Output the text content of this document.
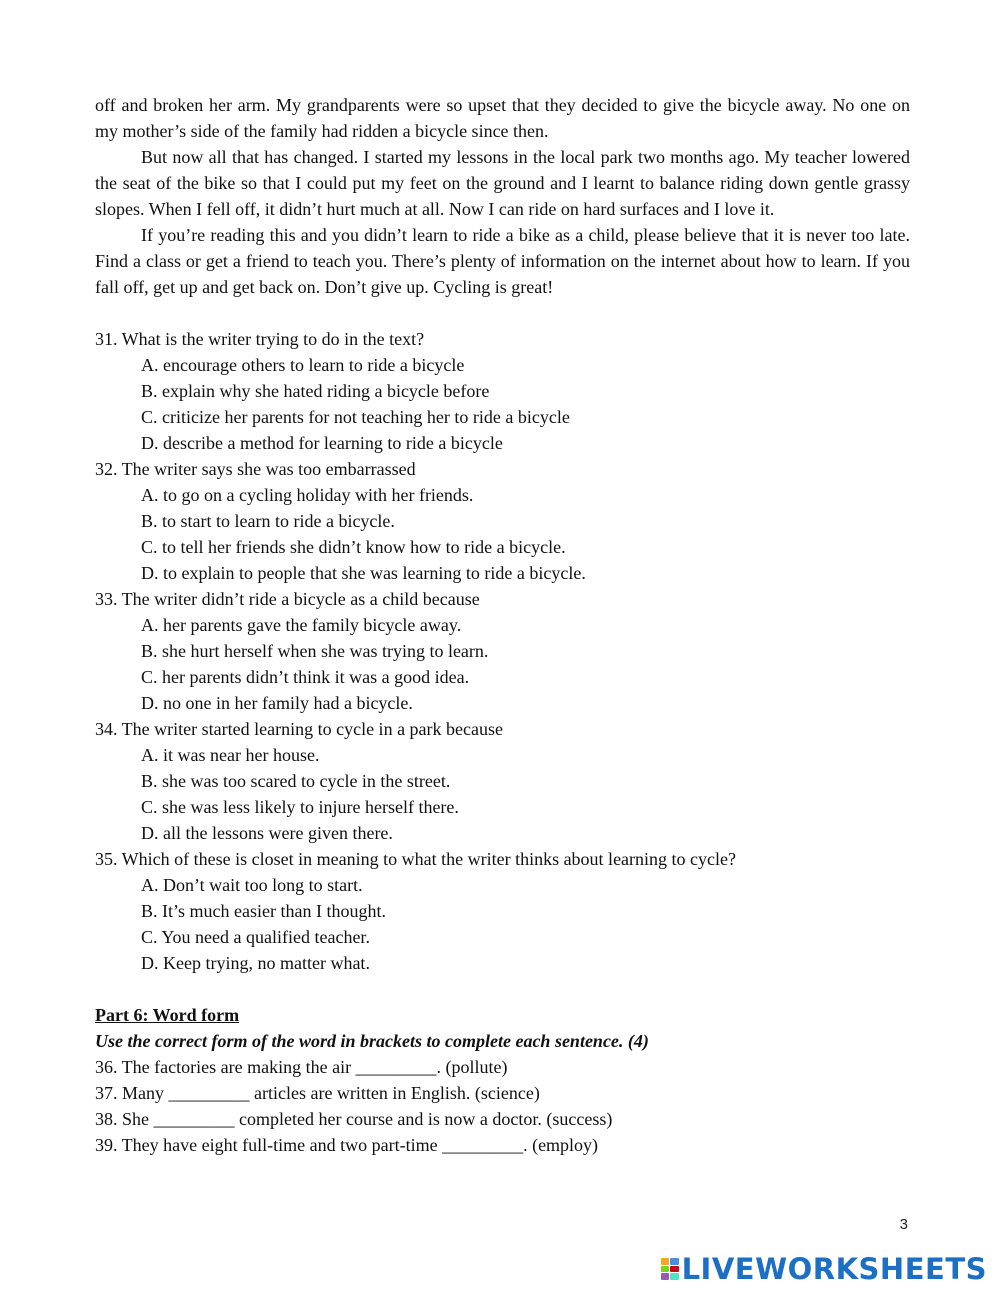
off and broken her arm. My grandparents were so upset that they decided to give the bicycle away. No one on my mother’s side of the family had ridden a bicycle since then.

But now all that has changed. I started my lessons in the local park two months ago. My teacher lowered the seat of the bike so that I could put my feet on the ground and I learnt to balance riding down gentle grassy slopes. When I fell off, it didn’t hurt much at all. Now I can ride on hard surfaces and I love it.

If you’re reading this and you didn’t learn to ride a bike as a child, please believe that it is never too late. Find a class or get a friend to teach you. There’s plenty of information on the internet about how to learn. If you fall off, get up and get back on. Don’t give up. Cycling is great!

31. What is the writer trying to do in the text?
A. encourage others to learn to ride a bicycle
B. explain why she hated riding a bicycle before
C. criticize her parents for not teaching her to ride a bicycle
D. describe a method for learning to ride a bicycle
32. The writer says she was too embarrassed
A. to go on a cycling holiday with her friends.
B. to start to learn to ride a bicycle.
C. to tell her friends she didn’t know how to ride a bicycle.
D. to explain to people that she was learning to ride a bicycle.
33. The writer didn’t ride a bicycle as a child because
A. her parents gave the family bicycle away.
B. she hurt herself when she was trying to learn.
C. her parents didn’t think it was a good idea.
D. no one in her family had a bicycle.
34. The writer started learning to cycle in a park because
A. it was near her house.
B. she was too scared to cycle in the street.
C. she was less likely to injure herself there.
D. all the lessons were given there.
35. Which of these is closet in meaning to what the writer thinks about learning to cycle?
A. Don’t wait too long to start.
B. It’s much easier than I thought.
C. You need a qualified teacher.
D. Keep trying, no matter what.
Part 6: Word form
Use the correct form of the word in brackets to complete each sentence. (4)
36. The factories are making the air _________. (pollute)
37. Many _________ articles are written in English. (science)
38. She _________ completed her course and is now a doctor. (success)
39. They have eight full-time and two part-time _________. (employ)
3
LIVEWORKSHEETS
